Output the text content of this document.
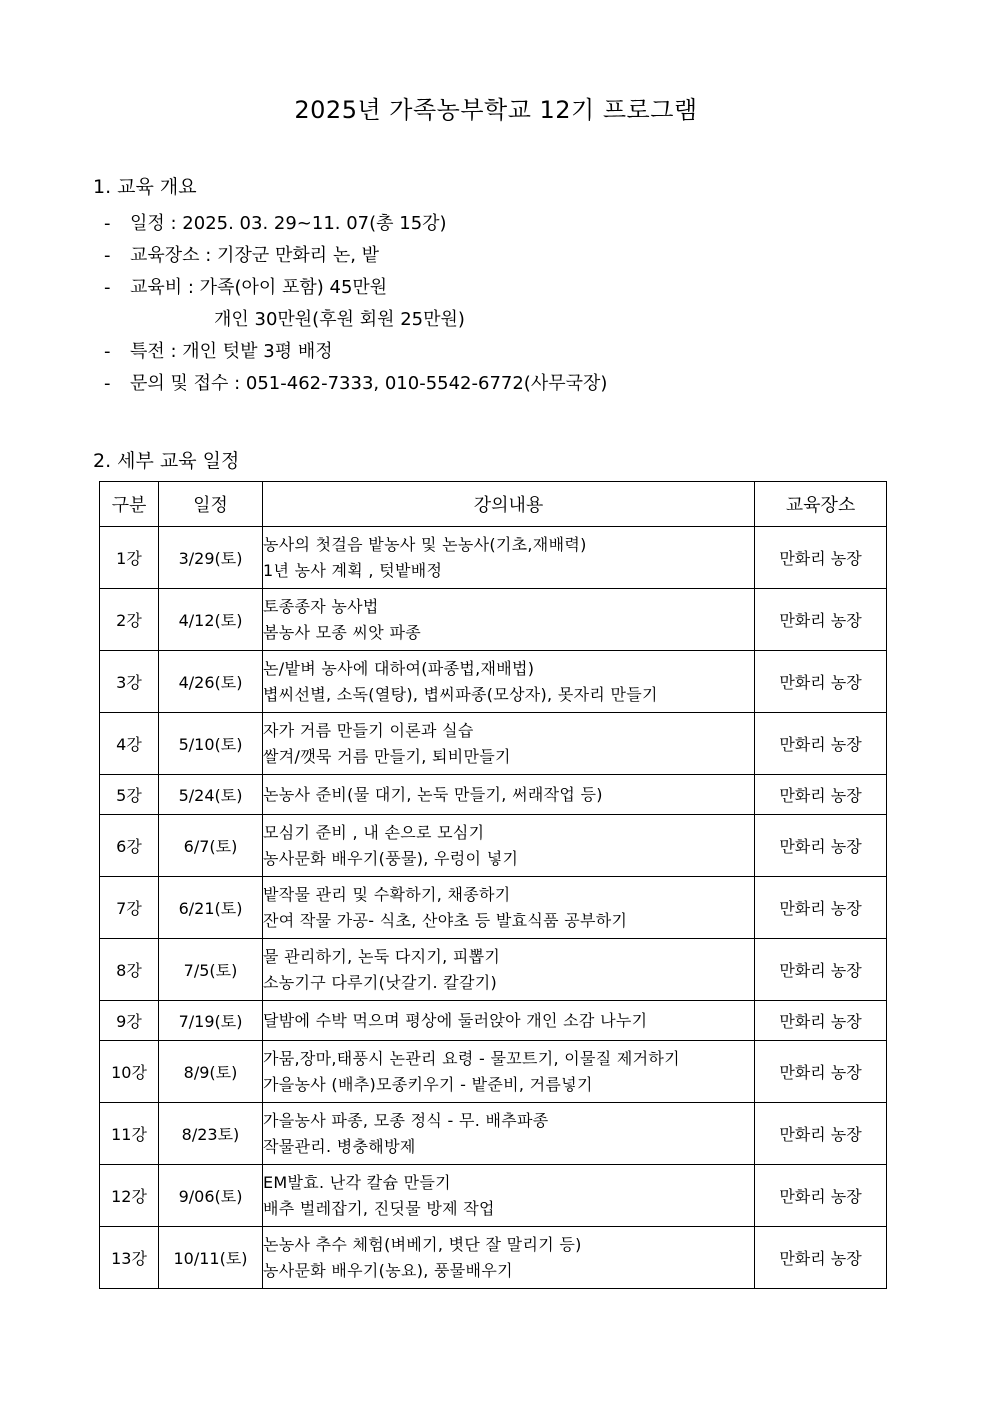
2025년 가족농부학교 12기 프로그램
1. 교육 개요
- 일정 : 2025. 03. 29~11. 07(총 15강)
- 교육장소 : 기장군 만화리 논, 밭
- 교육비 : 가족(아이 포함) 45만원
개인 30만원(후원 회원 25만원)
- 특전 : 개인 텃밭 3평 배정
- 문의 및 접수 : 051-462-7333, 010-5542-6772(사무국장)
2. 세부 교육 일정
구분	일정	강의내용	교육장소
1강	3/29(토)	농사의 첫걸음 밭농사 및 논농사(기초,재배력)
1년 농사 계획 , 텃밭배정	만화리 농장
2강	4/12(토)	토종종자 농사법
봄농사 모종 씨앗 파종	만화리 농장
3강	4/26(토)	논/밭벼 농사에 대하여(파종법,재배법)
볍씨선별, 소독(열탕), 볍씨파종(모상자), 못자리 만들기	만화리 농장
4강	5/10(토)	자가 거름 만들기 이론과 실습
쌀겨/깻묵 거름 만들기, 퇴비만들기	만화리 농장
5강	5/24(토)	논농사 준비(물 대기, 논둑 만들기, 써래작업 등)	만화리 농장
6강	6/7(토)	모심기 준비 , 내 손으로 모심기
농사문화 배우기(풍물), 우렁이 넣기	만화리 농장
7강	6/21(토)	밭작물 관리 및 수확하기, 채종하기
잔여 작물 가공- 식초, 산야초 등 발효식품 공부하기	만화리 농장
8강	7/5(토)	물 관리하기, 논둑 다지기, 피뽑기
소농기구 다루기(낫갈기. 칼갈기)	만화리 농장
9강	7/19(토)	달밤에 수박 먹으며 평상에 둘러앉아 개인 소감 나누기	만화리 농장
10강	8/9(토)	가뭄,장마,태풍시 논관리 요령 - 물꼬트기, 이물질 제거하기
가을농사 (배추)모종키우기 - 밭준비, 거름넣기	만화리 농장
11강	8/23토)	가을농사 파종, 모종 정식 - 무. 배추파종
작물관리. 병충해방제	만화리 농장
12강	9/06(토)	EM발효. 난각 칼슘 만들기
배추 벌레잡기, 진딧물 방제 작업	만화리 농장
13강	10/11(토)	논농사 추수 체험(벼베기, 볏단 잘 말리기 등)
농사문화 배우기(농요), 풍물배우기	만화리 농장
